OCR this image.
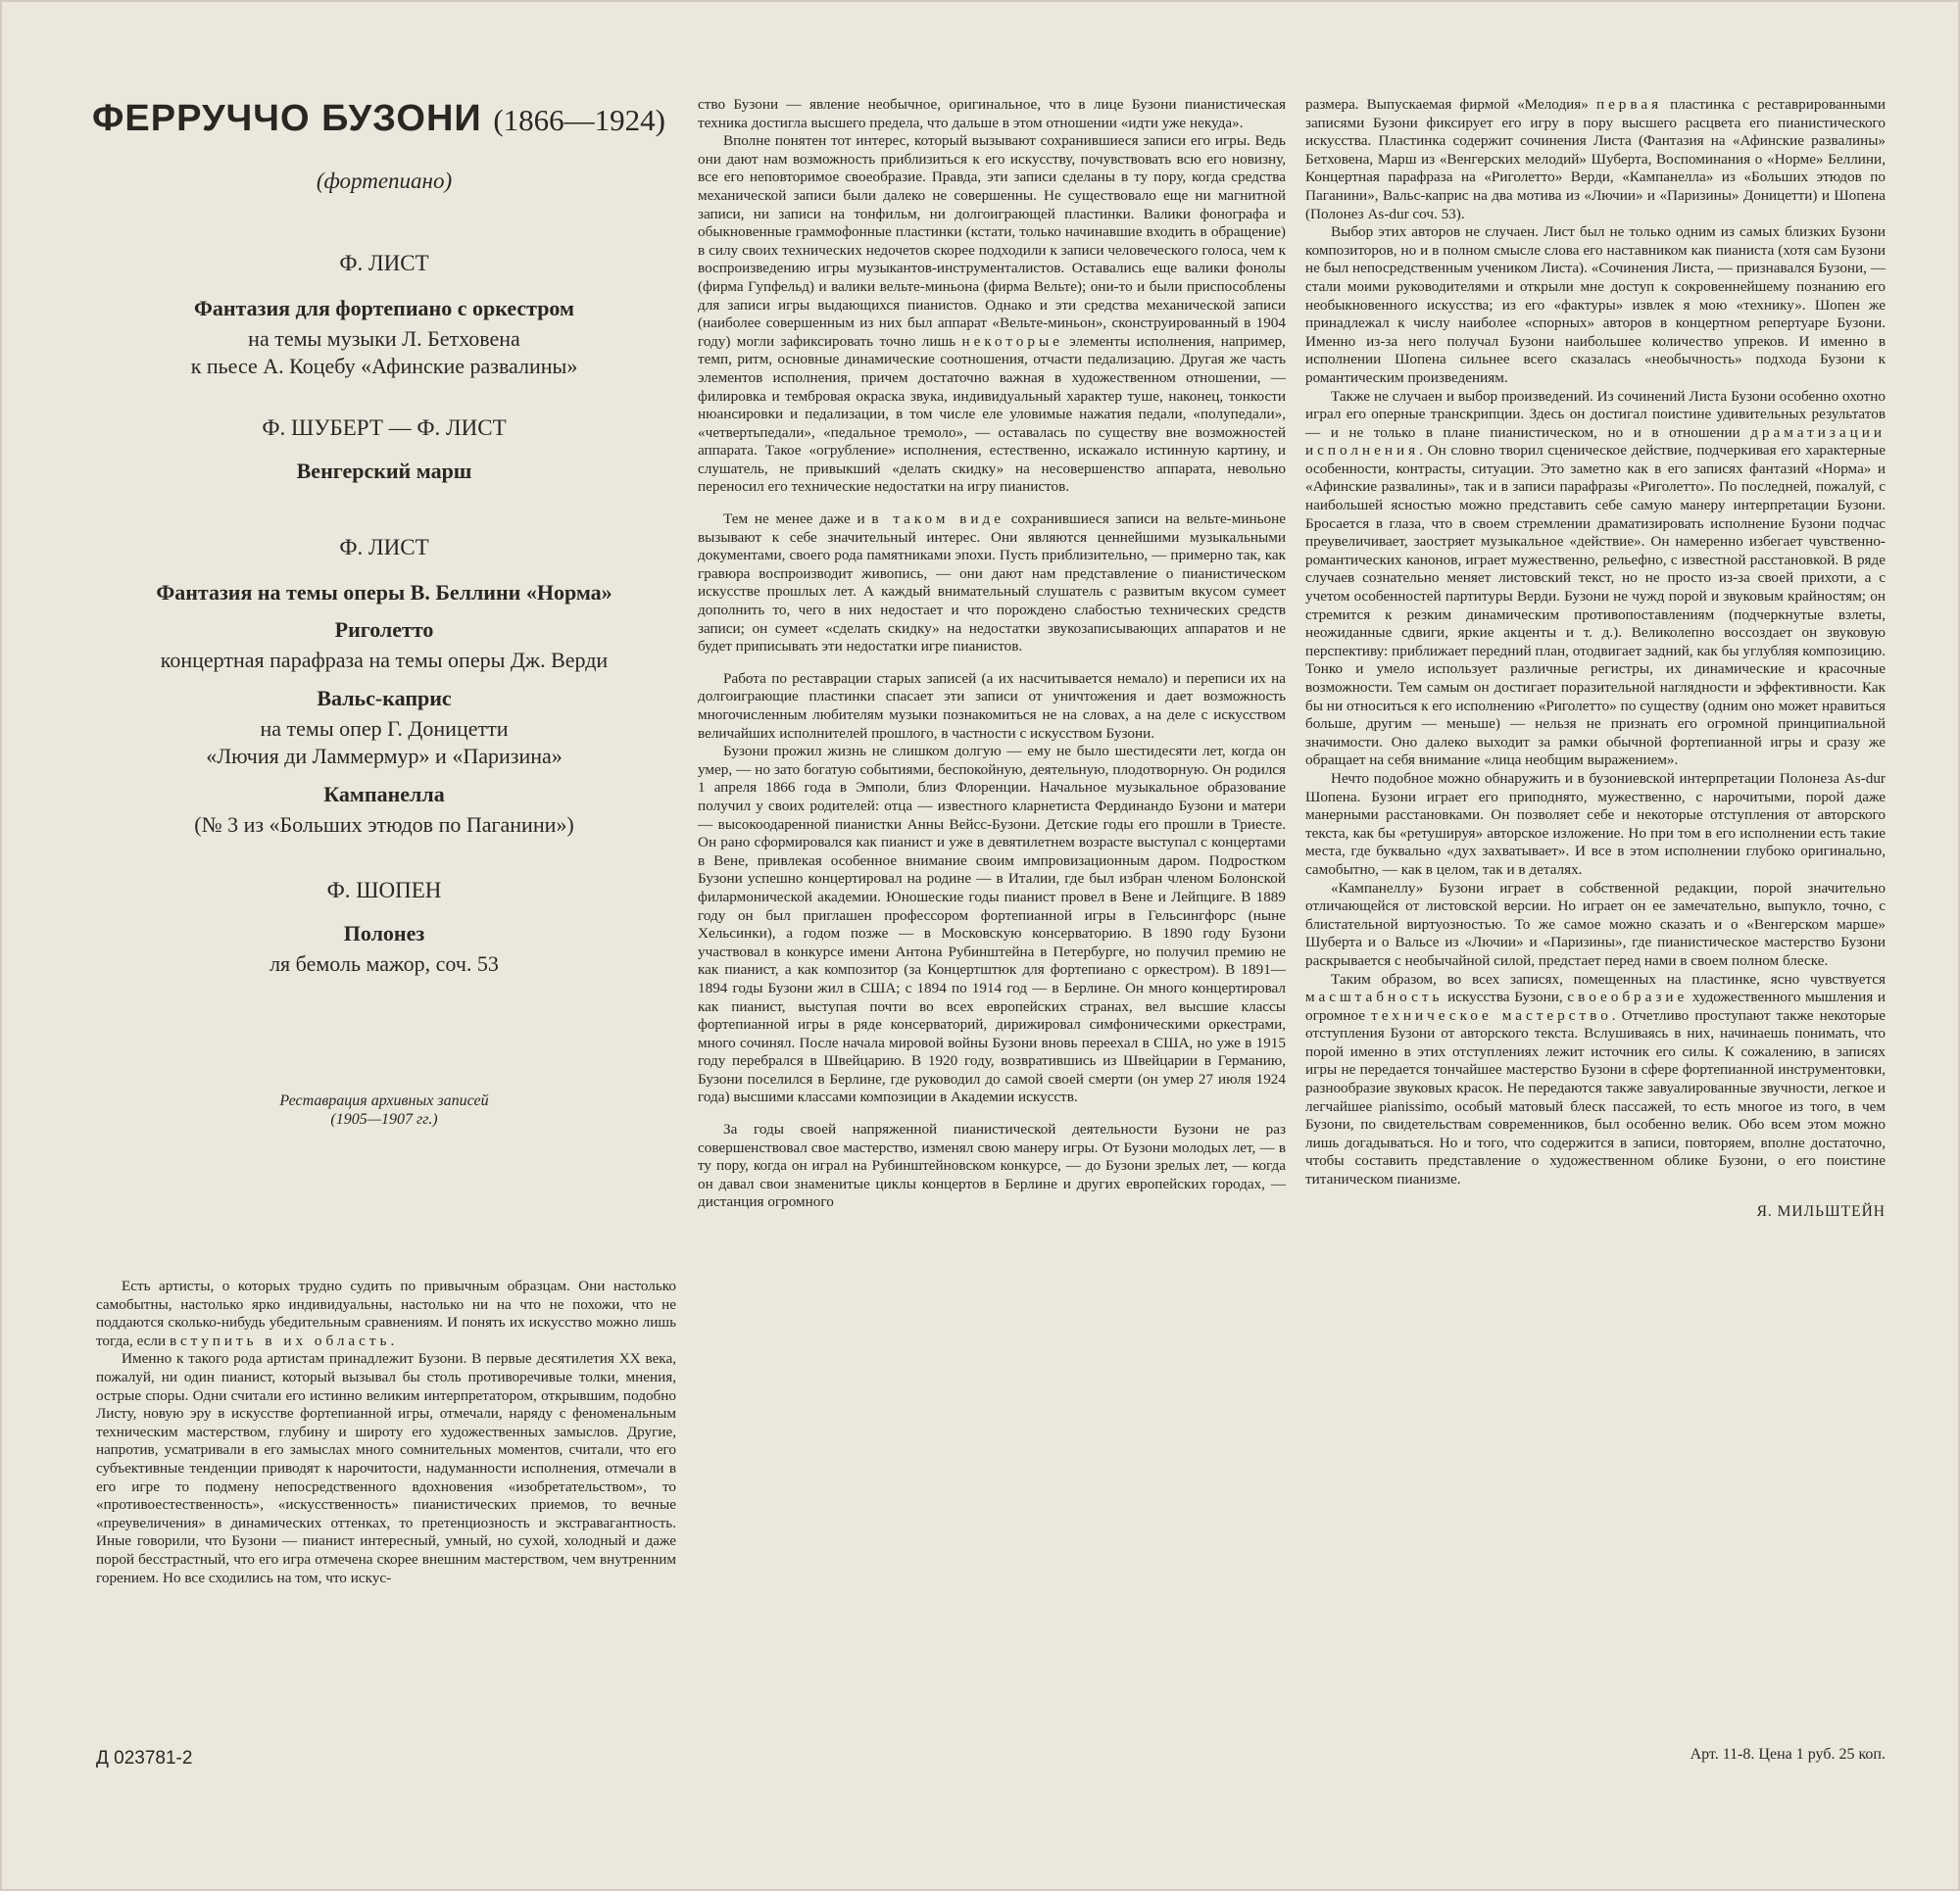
ФЕРРУЧЧО БУЗОНИ (1866—1924)
(фортепиано)

Ф. ЛИСТ

Фантазия для фортепиано с оркестром

на темы музыки Л. Бетховена

к пьесе А. Коцебу «Афинские развалины»

Ф. ШУБЕРТ — Ф. ЛИСТ

Венгерский марш

Ф. ЛИСТ

Фантазия на темы оперы В. Беллини «Норма»

Риголетто

концертная парафраза на темы оперы Дж. Верди

Вальс-каприс

на темы опер Г. Доницетти

«Лючия ди Ламмермур» и «Паризина»

Кампанелла

(№ 3 из «Больших этюдов по Паганини»)

Ф. ШОПЕН

Полонез

ля бемоль мажор, соч. 53

Реставрация архивных записей
(1905—1907 гг.)

Есть артисты, о которых трудно судить по привычным образцам. Они настолько самобытны, настолько ярко индивидуальны, настолько ни на что не похожи, что не поддаются сколько-нибудь убедительным сравнениям. И понять их искусство можно лишь тогда, если вступить в их область.

Именно к такого рода артистам принадлежит Бузони. В первые десятилетия XX века, пожалуй, ни один пианист, который вызывал бы столь противоречивые толки, мнения, острые споры. Одни считали его истинно великим интерпретатором, открывшим, подобно Листу, новую эру в искусстве фортепианной игры, отмечали, наряду с феноменальным техническим мастерством, глубину и широту его художественных замыслов. Другие, напротив, усматривали в его замыслах много сомнительных моментов, считали, что его субъективные тенденции приводят к нарочитости, надуманности исполнения, отмечали в его игре то подмену непосредственного вдохновения «изобретательством», то «противоестественность», «искусственность» пианистических приемов, то вечные «преувеличения» в динамических оттенках, то претенциозность и экстравагантность. Иные говорили, что Бузони — пианист интересный, умный, но сухой, холодный и даже порой бесстрастный, что его игра отмечена скорее внешним мастерством, чем внутренним горением. Но все сходились на том, что искус-

Д 023781-2

ство Бузони — явление необычное, оригинальное, что в лице Бузони пианистическая техника достигла высшего предела, что дальше в этом отношении «идти уже некуда».

Вполне понятен тот интерес, который вызывают сохранившиеся записи его игры. Ведь они дают нам возможность приблизиться к его искусству, почувствовать всю его новизну, все его неповторимое своеобразие. Правда, эти записи сделаны в ту пору, когда средства механической записи были далеко не совершенны. Не существовало еще ни магнитной записи, ни записи на тонфильм, ни долгоиграющей пластинки. Валики фонографа и обыкновенные граммофонные пластинки (кстати, только начинавшие входить в обращение) в силу своих технических недочетов скорее подходили к записи человеческого голоса, чем к воспроизведению игры музыкантов-инструменталистов. Оставались еще валики фонолы (фирма Гупфельд) и валики вельте-миньона (фирма Вельте); они-то и были приспособлены для записи игры выдающихся пианистов. Однако и эти средства механической записи (наиболее совершенным из них был аппарат «Вельте-миньон», сконструированный в 1904 году) могли зафиксировать точно лишь некоторые элементы исполнения, например, темп, ритм, основные динамические соотношения, отчасти педализацию. Другая же часть элементов исполнения, причем достаточно важная в художественном отношении, — филировка и тембровая окраска звука, индивидуальный характер туше, наконец, тонкости нюансировки и педализации, в том числе еле уловимые нажатия педали, «полупедали», «четвертьпедали», «педальное тремоло», — оставалась по существу вне возможностей аппарата. Такое «огрубление» исполнения, естественно, искажало истинную картину, и слушатель, не привыкший «делать скидку» на несовершенство аппарата, невольно переносил его технические недостатки на игру пианистов.

Тем не менее даже и в таком виде сохранившиеся записи на вельте-миньоне вызывают к себе значительный интерес. Они являются ценнейшими музыкальными документами, своего рода памятниками эпохи. Пусть приблизительно, — примерно так, как гравюра воспроизводит живопись, — они дают нам представление о пианистическом искусстве прошлых лет. А каждый внимательный слушатель с развитым вкусом сумеет дополнить то, чего в них недостает и что порождено слабостью технических средств записи; он сумеет «сделать скидку» на недостатки звукозаписывающих аппаратов и не будет приписывать эти недостатки игре пианистов.

Работа по реставрации старых записей (а их насчитывается немало) и переписи их на долгоиграющие пластинки спасает эти записи от уничтожения и дает возможность многочисленным любителям музыки познакомиться не на словах, а на деле с искусством величайших исполнителей прошлого, в частности с искусством Бузони.

Бузони прожил жизнь не слишком долгую — ему не было шестидесяти лет, когда он умер, — но зато богатую событиями, беспокойную, деятельную, плодотворную. Он родился 1 апреля 1866 года в Эмполи, близ Флоренции. Начальное музыкальное образование получил у своих родителей: отца — известного кларнетиста Фердинандо Бузони и матери — высокоодаренной пианистки Анны Вейсс-Бузони. Детские годы его прошли в Триесте. Он рано сформировался как пианист и уже в девятилетнем возрасте выступал с концертами в Вене, привлекая особенное внимание своим импровизационным даром. Подростком Бузони успешно концертировал на родине — в Италии, где был избран членом Болонской филармонической академии. Юношеские годы пианист провел в Вене и Лейпциге. В 1889 году он был приглашен профессором фортепианной игры в Гельсингфорс (ныне Хельсинки), а годом позже — в Московскую консерваторию. В 1890 году Бузони участвовал в конкурсе имени Антона Рубинштейна в Петербурге, но получил премию не как пианист, а как композитор (за Концертштюк для фортепиано с оркестром). В 1891—1894 годы Бузони жил в США; с 1894 по 1914 год — в Берлине. Он много концертировал как пианист, выступая почти во всех европейских странах, вел высшие классы фортепианной игры в ряде консерваторий, дирижировал симфоническими оркестрами, много сочинял. После начала мировой войны Бузони вновь переехал в США, но уже в 1915 году перебрался в Швейцарию. В 1920 году, возвратившись из Швейцарии в Германию, Бузони поселился в Берлине, где руководил до самой своей смерти (он умер 27 июля 1924 года) высшими классами композиции в Академии искусств.

За годы своей напряженной пианистической деятельности Бузони не раз совершенствовал свое мастерство, изменял свою манеру игры. От Бузони молодых лет, — в ту пору, когда он играл на Рубинштейновском конкурсе, — до Бузони зрелых лет, — когда он давал свои знаменитые циклы концертов в Берлине и других европейских городах, — дистанция огромного

размера. Выпускаемая фирмой «Мелодия» первая пластинка с реставрированными записями Бузони фиксирует его игру в пору высшего расцвета его пианистического искусства. Пластинка содержит сочинения Листа (Фантазия на «Афинские развалины» Бетховена, Марш из «Венгерских мелодий» Шуберта, Воспоминания о «Норме» Беллини, Концертная парафраза на «Риголетто» Верди, «Кампанелла» из «Больших этюдов по Паганини», Вальс-каприс на два мотива из «Лючии» и «Паризины» Доницетти) и Шопена (Полонез As-dur соч. 53).

Выбор этих авторов не случаен. Лист был не только одним из самых близких Бузони композиторов, но и в полном смысле слова его наставником как пианиста (хотя сам Бузони не был непосредственным учеником Листа). «Сочинения Листа, — признавался Бузони, — стали моими руководителями и открыли мне доступ к сокровеннейшему познанию его необыкновенного искусства; из его «фактуры» извлек я мою «технику». Шопен же принадлежал к числу наиболее «спорных» авторов в концертном репертуаре Бузони. Именно из-за него получал Бузони наибольшее количество упреков. И именно в исполнении Шопена сильнее всего сказалась «необычность» подхода Бузони к романтическим произведениям.

Также не случаен и выбор произведений. Из сочинений Листа Бузони особенно охотно играл его оперные транскрипции. Здесь он достигал поистине удивительных результатов — и не только в плане пианистическом, но и в отношении драматизации исполнения. Он словно творил сценическое действие, подчеркивая его характерные особенности, контрасты, ситуации. Это заметно как в его записях фантазий «Норма» и «Афинские развалины», так и в записи парафразы «Риголетто». По последней, пожалуй, с наибольшей ясностью можно представить себе самую манеру интерпретации Бузони. Бросается в глаза, что в своем стремлении драматизировать исполнение Бузони подчас преувеличивает, заостряет музыкальное «действие». Он намеренно избегает чувственно-романтических канонов, играет мужественно, рельефно, с известной расстановкой. В ряде случаев сознательно меняет листовский текст, но не просто из-за своей прихоти, а с учетом особенностей партитуры Верди. Бузони не чужд порой и звуковым крайностям; он стремится к резким динамическим противопоставлениям (подчеркнутые взлеты, неожиданные сдвиги, яркие акценты и т. д.). Великолепно воссоздает он звуковую перспективу: приближает передний план, отодвигает задний, как бы углубляя композицию. Тонко и умело использует различные регистры, их динамические и красочные возможности. Тем самым он достигает поразительной наглядности и эффективности. Как бы ни относиться к его исполнению «Риголетто» по существу (одним оно может нравиться больше, другим — меньше) — нельзя не признать его огромной принципиальной значимости. Оно далеко выходит за рамки обычной фортепианной игры и сразу же обращает на себя внимание «лица необщим выражением».

Нечто подобное можно обнаружить и в бузониевской интерпретации Полонеза As-dur Шопена. Бузони играет его приподнято, мужественно, с нарочитыми, порой даже манерными расстановками. Он позволяет себе и некоторые отступления от авторского текста, как бы «ретушируя» авторское изложение. Но при том в его исполнении есть такие места, где буквально «дух захватывает». И все в этом исполнении глубоко оригинально, самобытно, — как в целом, так и в деталях.

«Кампанеллу» Бузони играет в собственной редакции, порой значительно отличающейся от листовской версии. Но играет он ее замечательно, выпукло, точно, с блистательной виртуозностью. То же самое можно сказать и о «Венгерском марше» Шуберта и о Вальсе из «Лючии» и «Паризины», где пианистическое мастерство Бузони раскрывается с необычайной силой, предстает перед нами в своем полном блеске.

Таким образом, во всех записях, помещенных на пластинке, ясно чувствуется масштабность искусства Бузони, своеобразие художественного мышления и огромное техническое мастерство. Отчетливо проступают также некоторые отступления Бузони от авторского текста. Вслушиваясь в них, начинаешь понимать, что порой именно в этих отступлениях лежит источник его силы. К сожалению, в записях игры не передается тончайшее мастерство Бузони в сфере фортепианной инструментовки, разнообразие звуковых красок. Не передаются также завуалированные звучности, легкое и легчайшее pianissimo, особый матовый блеск пассажей, то есть многое из того, в чем Бузони, по свидетельствам современников, был особенно велик. Обо всем этом можно лишь догадываться. Но и того, что содержится в записи, повторяем, вполне достаточно, чтобы составить представление о художественном облике Бузони, о его поистине титаническом пианизме.

Я. МИЛЬШТЕЙН
Арт. 11-8. Цена 1 руб. 25 коп.
